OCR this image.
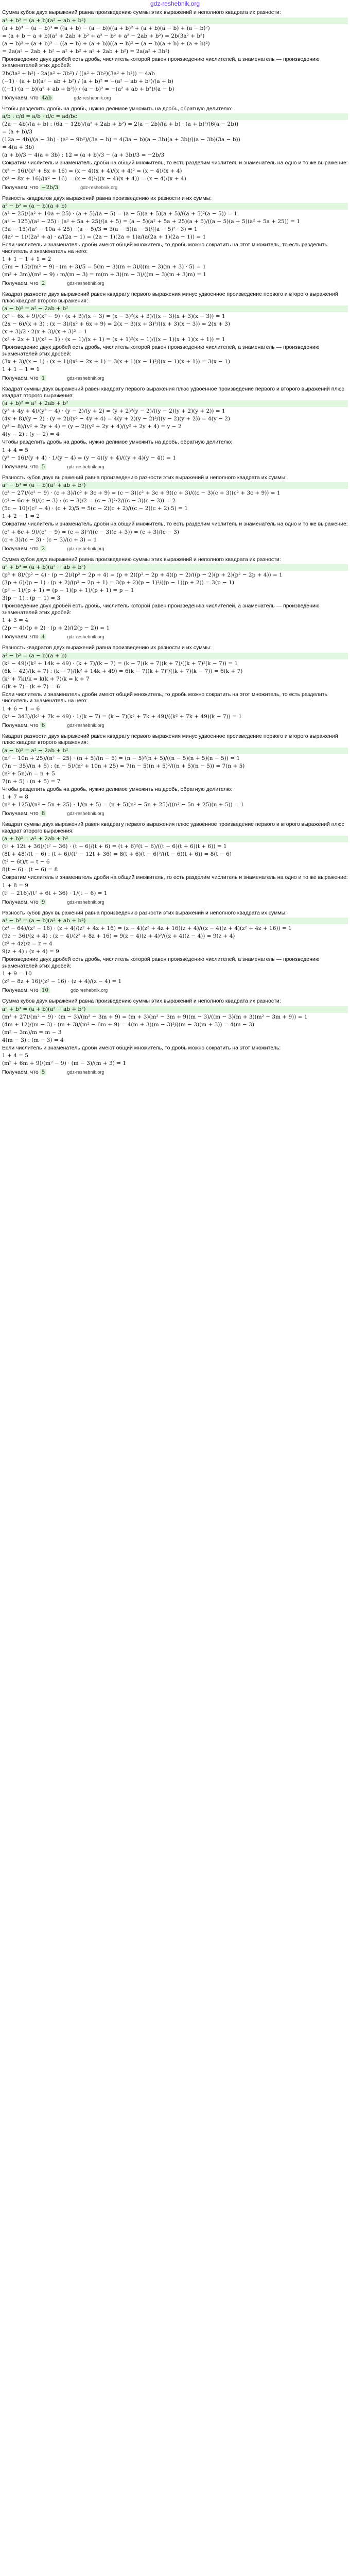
gdz-reshebnik.org
Сумма кубов двух выражений равна произведению суммы этих выражений и неполного квадрата их разности:
a³ + b³ = (a + b)(a² − ab + b²)
(a + b)³ − (a − b)³ = ((a + b) − (a − b))((a + b)² + (a + b)(a − b) + (a − b)²)
= (a + b − a + b)(a² + 2ab + b² + a² − b² + a² − 2ab + b²) = 2b(3a² + b²)
(a − b)³ + (a + b)³ = ((a − b) + (a + b))((a − b)² − (a − b)(a + b) + (a + b)²)
= 2a(a² − 2ab + b² − a² + b² + a² + 2ab + b²) = 2a(a² + 3b²)
Произведение двух дробей есть дробь, числитель которой равен произведению числителей, а знаменатель — произведению знаменателей этих дробей:
2b(3a² + b²) · 2a(a² + 3b²) / ((a² + 3b²)(3a² + b²)) = 4ab
(−1) · (a + b)(a² − ab + b²) / (a + b)² = −(a² − ab + b²)/(a + b)
((−1)·(a − b)(a² + ab + b²)) / (a − b)² = −(a² + ab + b²)/(a − b)
Получаем, что 4ab	gdz-reshebnik.org
Чтобы разделить дробь на дробь, нужно делимое умножить на дробь, обратную делителю:
a/b : c/d = a/b · d/c = ad/bc
(2a − 4b)/(a + b) : (6a − 12b)/(a² + 2ab + b²) = 2(a − 2b)/(a + b) · (a + b)²/(6(a − 2b))
= (a + b)/3
(12a − 4b)/(a − 3b) · (a² − 9b²)/(3a − b) = 4(3a − b)(a − 3b)(a + 3b)/((a − 3b)(3a − b))
= 4(a + 3b)
(a + b)/3 − 4(a + 3b) : 12 = (a + b)/3 − (a + 3b)/3 = −2b/3
Сократим числитель и знаменатель дроби на общий множитель, то есть разделим числитель и знаменатель на одно и то же выражение:
(x² − 16)/(x² + 8x + 16) = (x − 4)(x + 4)/(x + 4)² = (x − 4)/(x + 4)
(x² − 8x + 16)/(x² − 16) = (x − 4)²/((x − 4)(x + 4)) = (x − 4)/(x + 4)
Получаем, что −2b/3	gdz-reshebnik.org
Разность квадратов двух выражений равна произведению их разности и их суммы:
a² − b² = (a − b)(a + b)
(a² − 25)/(a² + 10a + 25) · (a + 5)/(a − 5) = (a − 5)(a + 5)(a + 5)/((a + 5)²(a − 5)) = 1
(a³ − 125)/(a² − 25) : (a² + 5a + 25)/(a + 5) = (a − 5)(a² + 5a + 25)(a + 5)/((a − 5)(a + 5)(a² + 5a + 25)) = 1
(3a − 15)/(a² − 10a + 25) · (a − 5)/3 = 3(a − 5)(a − 5)/((a − 5)² · 3) = 1
(4a² − 1)/(2a² + a) · a/(2a − 1) = (2a − 1)(2a + 1)a/(a(2a + 1)(2a − 1)) = 1
Если числитель и знаменатель дроби имеют общий множитель, то дробь можно сократить на этот множитель, то есть разделить числитель и знаменатель на него:
1 + 1 − 1 + 1 = 2
(5m − 15)/(m² − 9) · (m + 3)/5 = 5(m − 3)(m + 3)/((m − 3)(m + 3) · 5) = 1
(m² + 3m)/(m² − 9) : m/(m − 3) = m(m + 3)(m − 3)/((m − 3)(m + 3)m) = 1
Получаем, что 2	gdz-reshebnik.org
Квадрат разности двух выражений равен квадрату первого выражения минус удвоенное произведение первого и второго выражений плюс квадрат второго выражения:
(a − b)² = a² − 2ab + b²
(x² − 6x + 9)/(x² − 9) · (x + 3)/(x − 3) = (x − 3)²(x + 3)/((x − 3)(x + 3)(x − 3)) = 1
(2x − 6)/(x + 3) : (x − 3)/(x² + 6x + 9) = 2(x − 3)(x + 3)²/((x + 3)(x − 3)) = 2(x + 3)
(x + 3)/2 · 2(x + 3)/(x + 3)² = 1
(x² + 2x + 1)/(x² − 1) · (x − 1)/(x + 1) = (x + 1)²(x − 1)/((x − 1)(x + 1)(x + 1)) = 1
Произведение двух дробей есть дробь, числитель которой равен произведению числителей, а знаменатель — произведению знаменателей этих дробей:
(3x + 3)/(x − 1) : (x + 1)/(x² − 2x + 1) = 3(x + 1)(x − 1)²/((x − 1)(x + 1)) = 3(x − 1)
1 + 1 − 1 = 1
Получаем, что 1	gdz-reshebnik.org
Квадрат суммы двух выражений равен квадрату первого выражения плюс удвоенное произведение первого и второго выражений плюс квадрат второго выражения:
(a + b)² = a² + 2ab + b²
(y² + 4y + 4)/(y² − 4) · (y − 2)/(y + 2) = (y + 2)²(y − 2)/((y − 2)(y + 2)(y + 2)) = 1
(4y + 8)/(y − 2) : (y + 2)/(y² − 4y + 4) = 4(y + 2)(y − 2)²/((y − 2)(y + 2)) = 4(y − 2)
(y³ − 8)/(y² + 2y + 4) = (y − 2)(y² + 2y + 4)/(y² + 2y + 4) = y − 2
4(y − 2) : (y − 2) = 4
Чтобы разделить дробь на дробь, нужно делимое умножить на дробь, обратную делителю:
1 + 4 = 5
(y² − 16)/(y + 4) · 1/(y − 4) = (y − 4)(y + 4)/((y + 4)(y − 4)) = 1
Получаем, что 5	gdz-reshebnik.org
Разность кубов двух выражений равна произведению разности этих выражений и неполного квадрата их суммы:
a³ − b³ = (a − b)(a² + ab + b²)
(c³ − 27)/(c² − 9) · (c + 3)/(c² + 3c + 9) = (c − 3)(c² + 3c + 9)(c + 3)/((c − 3)(c + 3)(c² + 3c + 9)) = 1
(c² − 6c + 9)/(c − 3) : (c − 3)/2 = (c − 3)²·2/((c − 3)(c − 3)) = 2
(5c − 10)/(c² − 4) · (c + 2)/5 = 5(c − 2)(c + 2)/((c − 2)(c + 2)·5) = 1
1 + 2 − 1 = 2
Сократим числитель и знаменатель дроби на общий множитель, то есть разделим числитель и знаменатель на одно и то же выражение:
(c² + 6c + 9)/(c² − 9) = (c + 3)²/((c − 3)(c + 3)) = (c + 3)/(c − 3)
(c + 3)/(c − 3) · (c − 3)/(c + 3) = 1
Получаем, что 2	gdz-reshebnik.org
Сумма кубов двух выражений равна произведению суммы этих выражений и неполного квадрата их разности:
a³ + b³ = (a + b)(a² − ab + b²)
(p³ + 8)/(p² − 4) · (p − 2)/(p² − 2p + 4) = (p + 2)(p² − 2p + 4)(p − 2)/((p − 2)(p + 2)(p² − 2p + 4)) = 1
(3p + 6)/(p − 1) : (p + 2)/(p² − 2p + 1) = 3(p + 2)(p − 1)²/((p − 1)(p + 2)) = 3(p − 1)
(p² − 1)/(p + 1) = (p − 1)(p + 1)/(p + 1) = p − 1
3(p − 1) : (p − 1) = 3
Произведение двух дробей есть дробь, числитель которой равен произведению числителей, а знаменатель — произведению знаменателей этих дробей:
1 + 3 = 4
(2p − 4)/(p + 2) · (p + 2)/(2(p − 2)) = 1
Получаем, что 4	gdz-reshebnik.org
Разность квадратов двух выражений равна произведению их разности и их суммы:
a² − b² = (a − b)(a + b)
(k² − 49)/(k² + 14k + 49) · (k + 7)/(k − 7) = (k − 7)(k + 7)(k + 7)/((k + 7)²(k − 7)) = 1
(6k − 42)/(k + 7) : (k − 7)/(k² + 14k + 49) = 6(k − 7)(k + 7)²/((k + 7)(k − 7)) = 6(k + 7)
(k² + 7k)/k = k(k + 7)/k = k + 7
6(k + 7) : (k + 7) = 6
Если числитель и знаменатель дроби имеют общий множитель, то дробь можно сократить на этот множитель, то есть разделить числитель и знаменатель на него:
1 + 6 − 1 = 6
(k³ − 343)/(k² + 7k + 49) · 1/(k − 7) = (k − 7)(k² + 7k + 49)/((k² + 7k + 49)(k − 7)) = 1
Получаем, что 6	gdz-reshebnik.org
Квадрат разности двух выражений равен квадрату первого выражения минус удвоенное произведение первого и второго выражений плюс квадрат второго выражения:
(a − b)² = a² − 2ab + b²
(n² − 10n + 25)/(n² − 25) · (n + 5)/(n − 5) = (n − 5)²(n + 5)/((n − 5)(n + 5)(n − 5)) = 1
(7n − 35)/(n + 5) : (n − 5)/(n² + 10n + 25) = 7(n − 5)(n + 5)²/((n + 5)(n − 5)) = 7(n + 5)
(n² + 5n)/n = n + 5
7(n + 5) : (n + 5) = 7
Чтобы разделить дробь на дробь, нужно делимое умножить на дробь, обратную делителю:
1 + 7 = 8
(n³ + 125)/(n² − 5n + 25) · 1/(n + 5) = (n + 5)(n² − 5n + 25)/((n² − 5n + 25)(n + 5)) = 1
Получаем, что 8	gdz-reshebnik.org
Квадрат суммы двух выражений равен квадрату первого выражения плюс удвоенное произведение первого и второго выражений плюс квадрат второго выражения:
(a + b)² = a² + 2ab + b²
(t² + 12t + 36)/(t² − 36) · (t − 6)/(t + 6) = (t + 6)²(t − 6)/((t − 6)(t + 6)(t + 6)) = 1
(8t + 48)/(t − 6) : (t + 6)/(t² − 12t + 36) = 8(t + 6)(t − 6)²/((t − 6)(t + 6)) = 8(t − 6)
(t² − 6t)/t = t − 6
8(t − 6) : (t − 6) = 8
Сократим числитель и знаменатель дроби на общий множитель, то есть разделим числитель и знаменатель на одно и то же выражение:
1 + 8 = 9
(t³ − 216)/(t² + 6t + 36) · 1/(t − 6) = 1
Получаем, что 9	gdz-reshebnik.org
Разность кубов двух выражений равна произведению разности этих выражений и неполного квадрата их суммы:
a³ − b³ = (a − b)(a² + ab + b²)
(z³ − 64)/(z² − 16) · (z + 4)/(z² + 4z + 16) = (z − 4)(z² + 4z + 16)(z + 4)/((z − 4)(z + 4)(z² + 4z + 16)) = 1
(9z − 36)/(z + 4) : (z − 4)/(z² + 8z + 16) = 9(z − 4)(z + 4)²/((z + 4)(z − 4)) = 9(z + 4)
(z² + 4z)/z = z + 4
9(z + 4) : (z + 4) = 9
Произведение двух дробей есть дробь, числитель которой равен произведению числителей, а знаменатель — произведению знаменателей этих дробей:
1 + 9 = 10
(z² − 8z + 16)/(z² − 16) · (z + 4)/(z − 4) = 1
Получаем, что 10	gdz-reshebnik.org
Сумма кубов двух выражений равна произведению суммы этих выражений и неполного квадрата их разности:
a³ + b³ = (a + b)(a² − ab + b²)
(m³ + 27)/(m² − 9) · (m − 3)/(m² − 3m + 9) = (m + 3)(m² − 3m + 9)(m − 3)/((m − 3)(m + 3)(m² − 3m + 9)) = 1
(4m + 12)/(m − 3) : (m + 3)/(m² − 6m + 9) = 4(m + 3)(m − 3)²/((m − 3)(m + 3)) = 4(m − 3)
(m² − 3m)/m = m − 3
4(m − 3) : (m − 3) = 4
Если числитель и знаменатель дроби имеют общий множитель, то дробь можно сократить на этот множитель:
1 + 4 = 5
(m² + 6m + 9)/(m² − 9) · (m − 3)/(m + 3) = 1
Получаем, что 5	gdz-reshebnik.org
